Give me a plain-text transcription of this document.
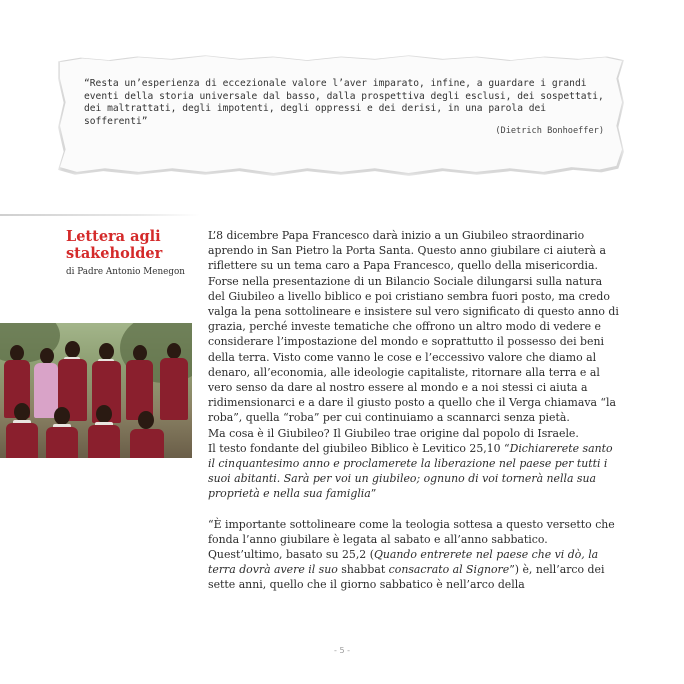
“Resta un’esperienza di eccezionale valore l’aver imparato, infine, a guardare i grandi eventi della storia universale dal basso, dalla prospettiva degli esclusi, dei sospettati, dei maltrattati, degli impotenti, degli oppressi e dei derisi, in una parola dei sofferenti”

(Dietrich Bonhoeffer)
Lettera agli stakeholder
di Padre Antonio Menegon

L’8 dicembre Papa Francesco darà inizio a un Giubileo straordinario aprendo in San Pietro la Porta Santa. Questo anno giubilare ci aiuterà a riflettere su un tema caro a Papa Francesco, quello della misericordia.

Forse nella presentazione di un Bilancio Sociale dilungarsi sulla natura del Giubileo a livello biblico e poi cristiano sembra fuori posto, ma credo valga la pena sottolineare e insistere sul vero significato di questo anno di grazia, perché investe tematiche che offrono un altro modo di vedere e considerare l’impostazione del mondo e soprattutto il possesso dei beni della terra. Visto come vanno le cose e l’eccessivo valore che diamo al denaro, all’economia, alle ideologie capitaliste, ritornare alla terra e al vero senso da dare al nostro essere al mondo e a noi stessi ci aiuta a ridimensionarci e a dare il giusto posto a quello che il Verga chiamava “la roba”, quella “roba” per cui continuiamo a scannarci senza pietà.

Ma cosa è il Giubileo? Il Giubileo trae origine dal popolo di Israele.

Il testo fondante del giubileo Biblico è Levitico 25,10 “Dichiarerete santo il cinquantesimo anno e proclamerete la liberazione nel paese per tutti i suoi abitanti. Sarà per voi un giubileo; ognuno di voi tornerà nella sua proprietà e nella sua famiglia”

“È importante sottolineare come la teologia sottesa a questo versetto che fonda l’anno giubilare è legata al sabato e all’anno sabbatico. Quest’ultimo, basato su 25,2 (Quando entrerete nel paese che vi dò, la terra dovrà avere il suo shabbat consacrato al Signore”) è, nell’arco dei sette anni, quello che il giorno sabbatico è nell’arco della

- 5 -
